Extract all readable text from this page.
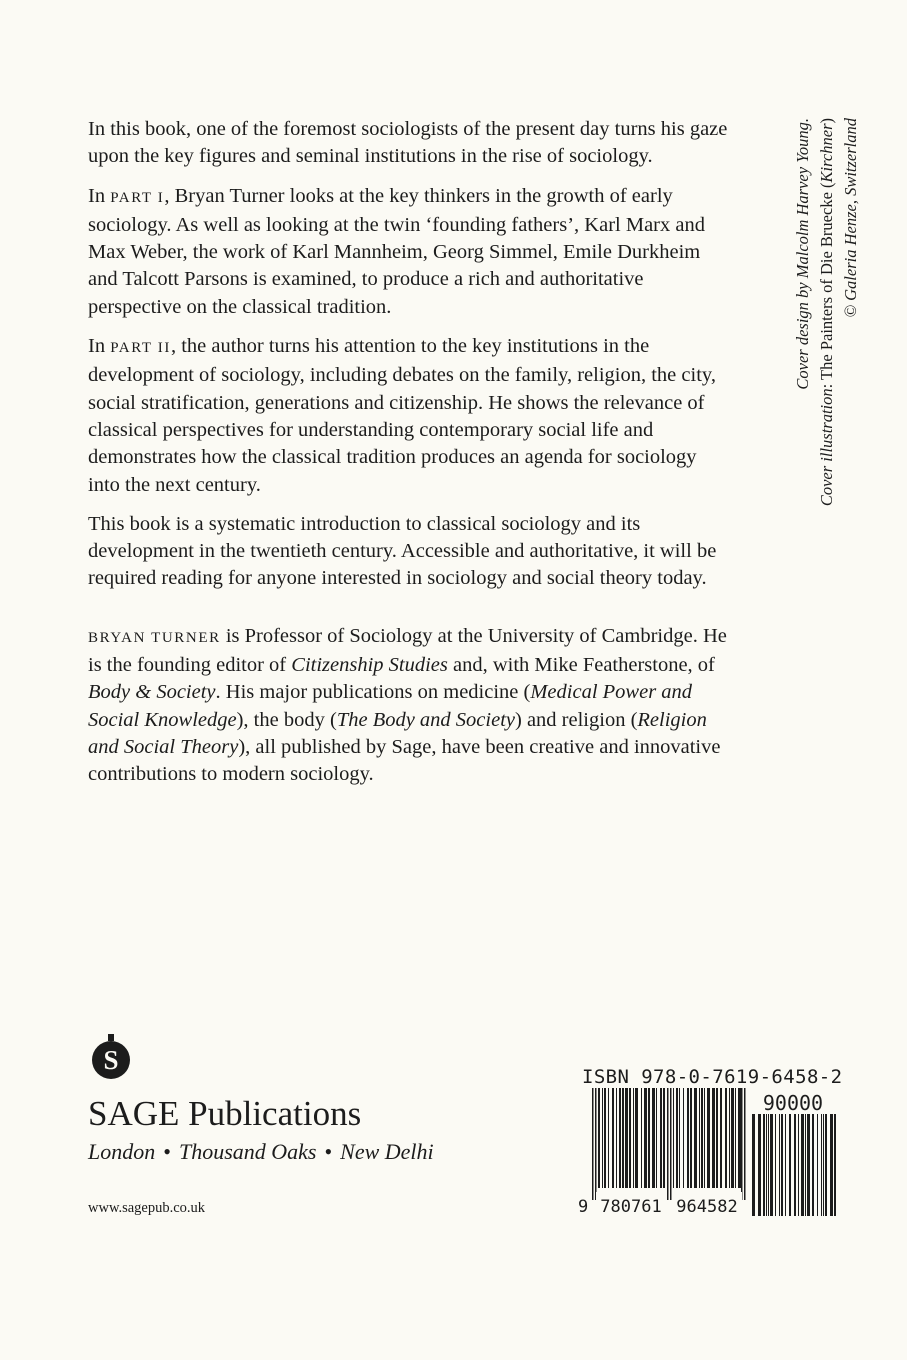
In this book, one of the foremost sociologists of the present day turns his gaze upon the key figures and seminal institutions in the rise of sociology.

In PART I, Bryan Turner looks at the key thinkers in the growth of early sociology. As well as looking at the twin ‘founding fathers’, Karl Marx and Max Weber, the work of Karl Mannheim, Georg Simmel, Emile Durkheim and Talcott Parsons is examined, to produce a rich and authoritative perspective on the classical tradition.

In PART II, the author turns his attention to the key institutions in the development of sociology, including debates on the family, religion, the city, social stratification, generations and citizenship. He shows the relevance of classical perspectives for understanding contemporary social life and demonstrates how the classical tradition produces an agenda for sociology into the next century.

This book is a systematic introduction to classical sociology and its development in the twentieth century. Accessible and authoritative, it will be required reading for anyone interested in sociology and social theory today.

BRYAN TURNER is Professor of Sociology at the University of Cambridge. He is the founding editor of Citizenship Studies and, with Mike Featherstone, of Body & Society. His major publications on medicine (Medical Power and Social Knowledge), the body (The Body and Society) and religion (Religion and Social Theory), all published by Sage, have been creative and innovative contributions to modern sociology.

Cover design by Malcolm Harvey Young.
Cover illustration: The Painters of Die Bruecke (Kirchner) © Galeria Henze, Switzerland
S
SAGE Publications
London • Thousand Oaks • New Delhi
www.sagepub.co.uk
ISBN 978-0-7619-6458-2
90000
9 780761 964582
